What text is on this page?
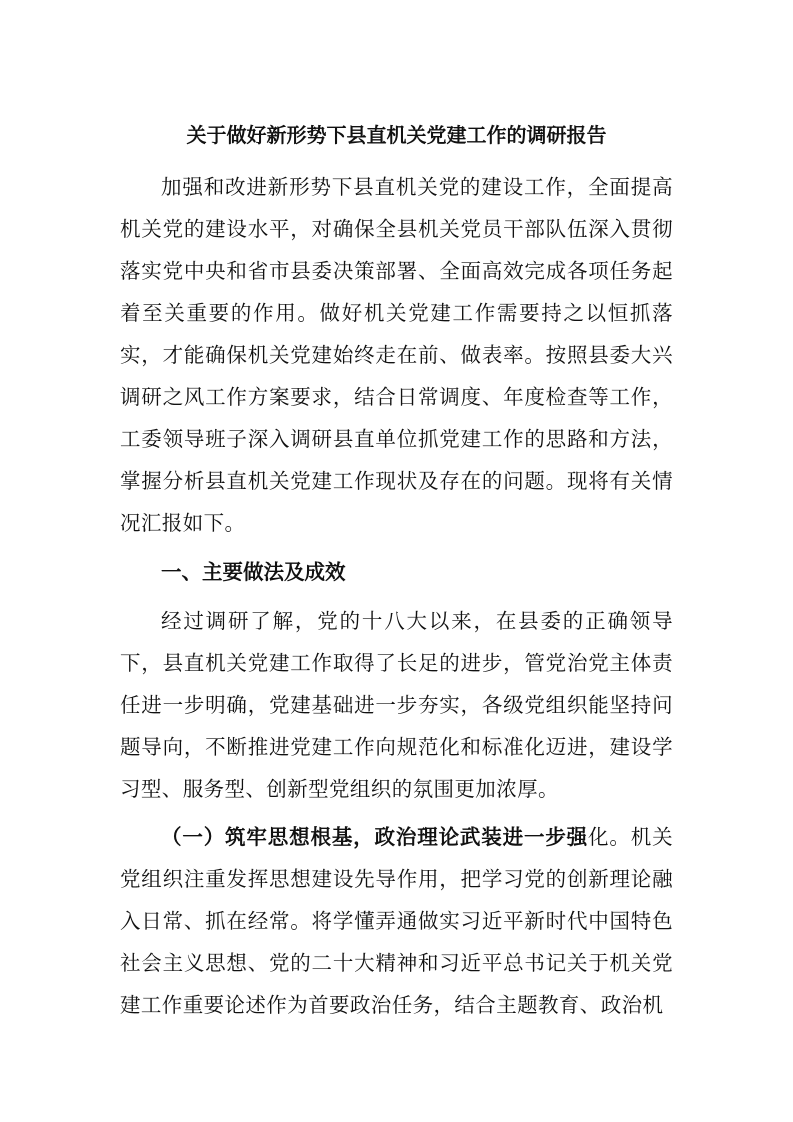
关于做好新形势下县直机关党建工作的调研报告

加强和改进新形势下县直机关党的建设工作，全面提高机关党的建设水平，对确保全县机关党员干部队伍深入贯彻落实党中央和省市县委决策部署、全面高效完成各项任务起着至关重要的作用。做好机关党建工作需要持之以恒抓落实，才能确保机关党建始终走在前、做表率。按照县委大兴调研之风工作方案要求，结合日常调度、年度检查等工作，工委领导班子深入调研县直单位抓党建工作的思路和方法，掌握分析县直机关党建工作现状及存在的问题。现将有关情况汇报如下。

一、主要做法及成效

经过调研了解，党的十八大以来，在县委的正确领导下，县直机关党建工作取得了长足的进步，管党治党主体责任进一步明确，党建基础进一步夯实，各级党组织能坚持问题导向，不断推进党建工作向规范化和标准化迈进，建设学习型、服务型、创新型党组织的氛围更加浓厚。

（一）筑牢思想根基，政治理论武装进一步强化。机关党组织注重发挥思想建设先导作用，把学习党的创新理论融入日常、抓在经常。将学懂弄通做实习近平新时代中国特色社会主义思想、党的二十大精神和习近平总书记关于机关党建工作重要论述作为首要政治任务，结合主题教育、政治机
